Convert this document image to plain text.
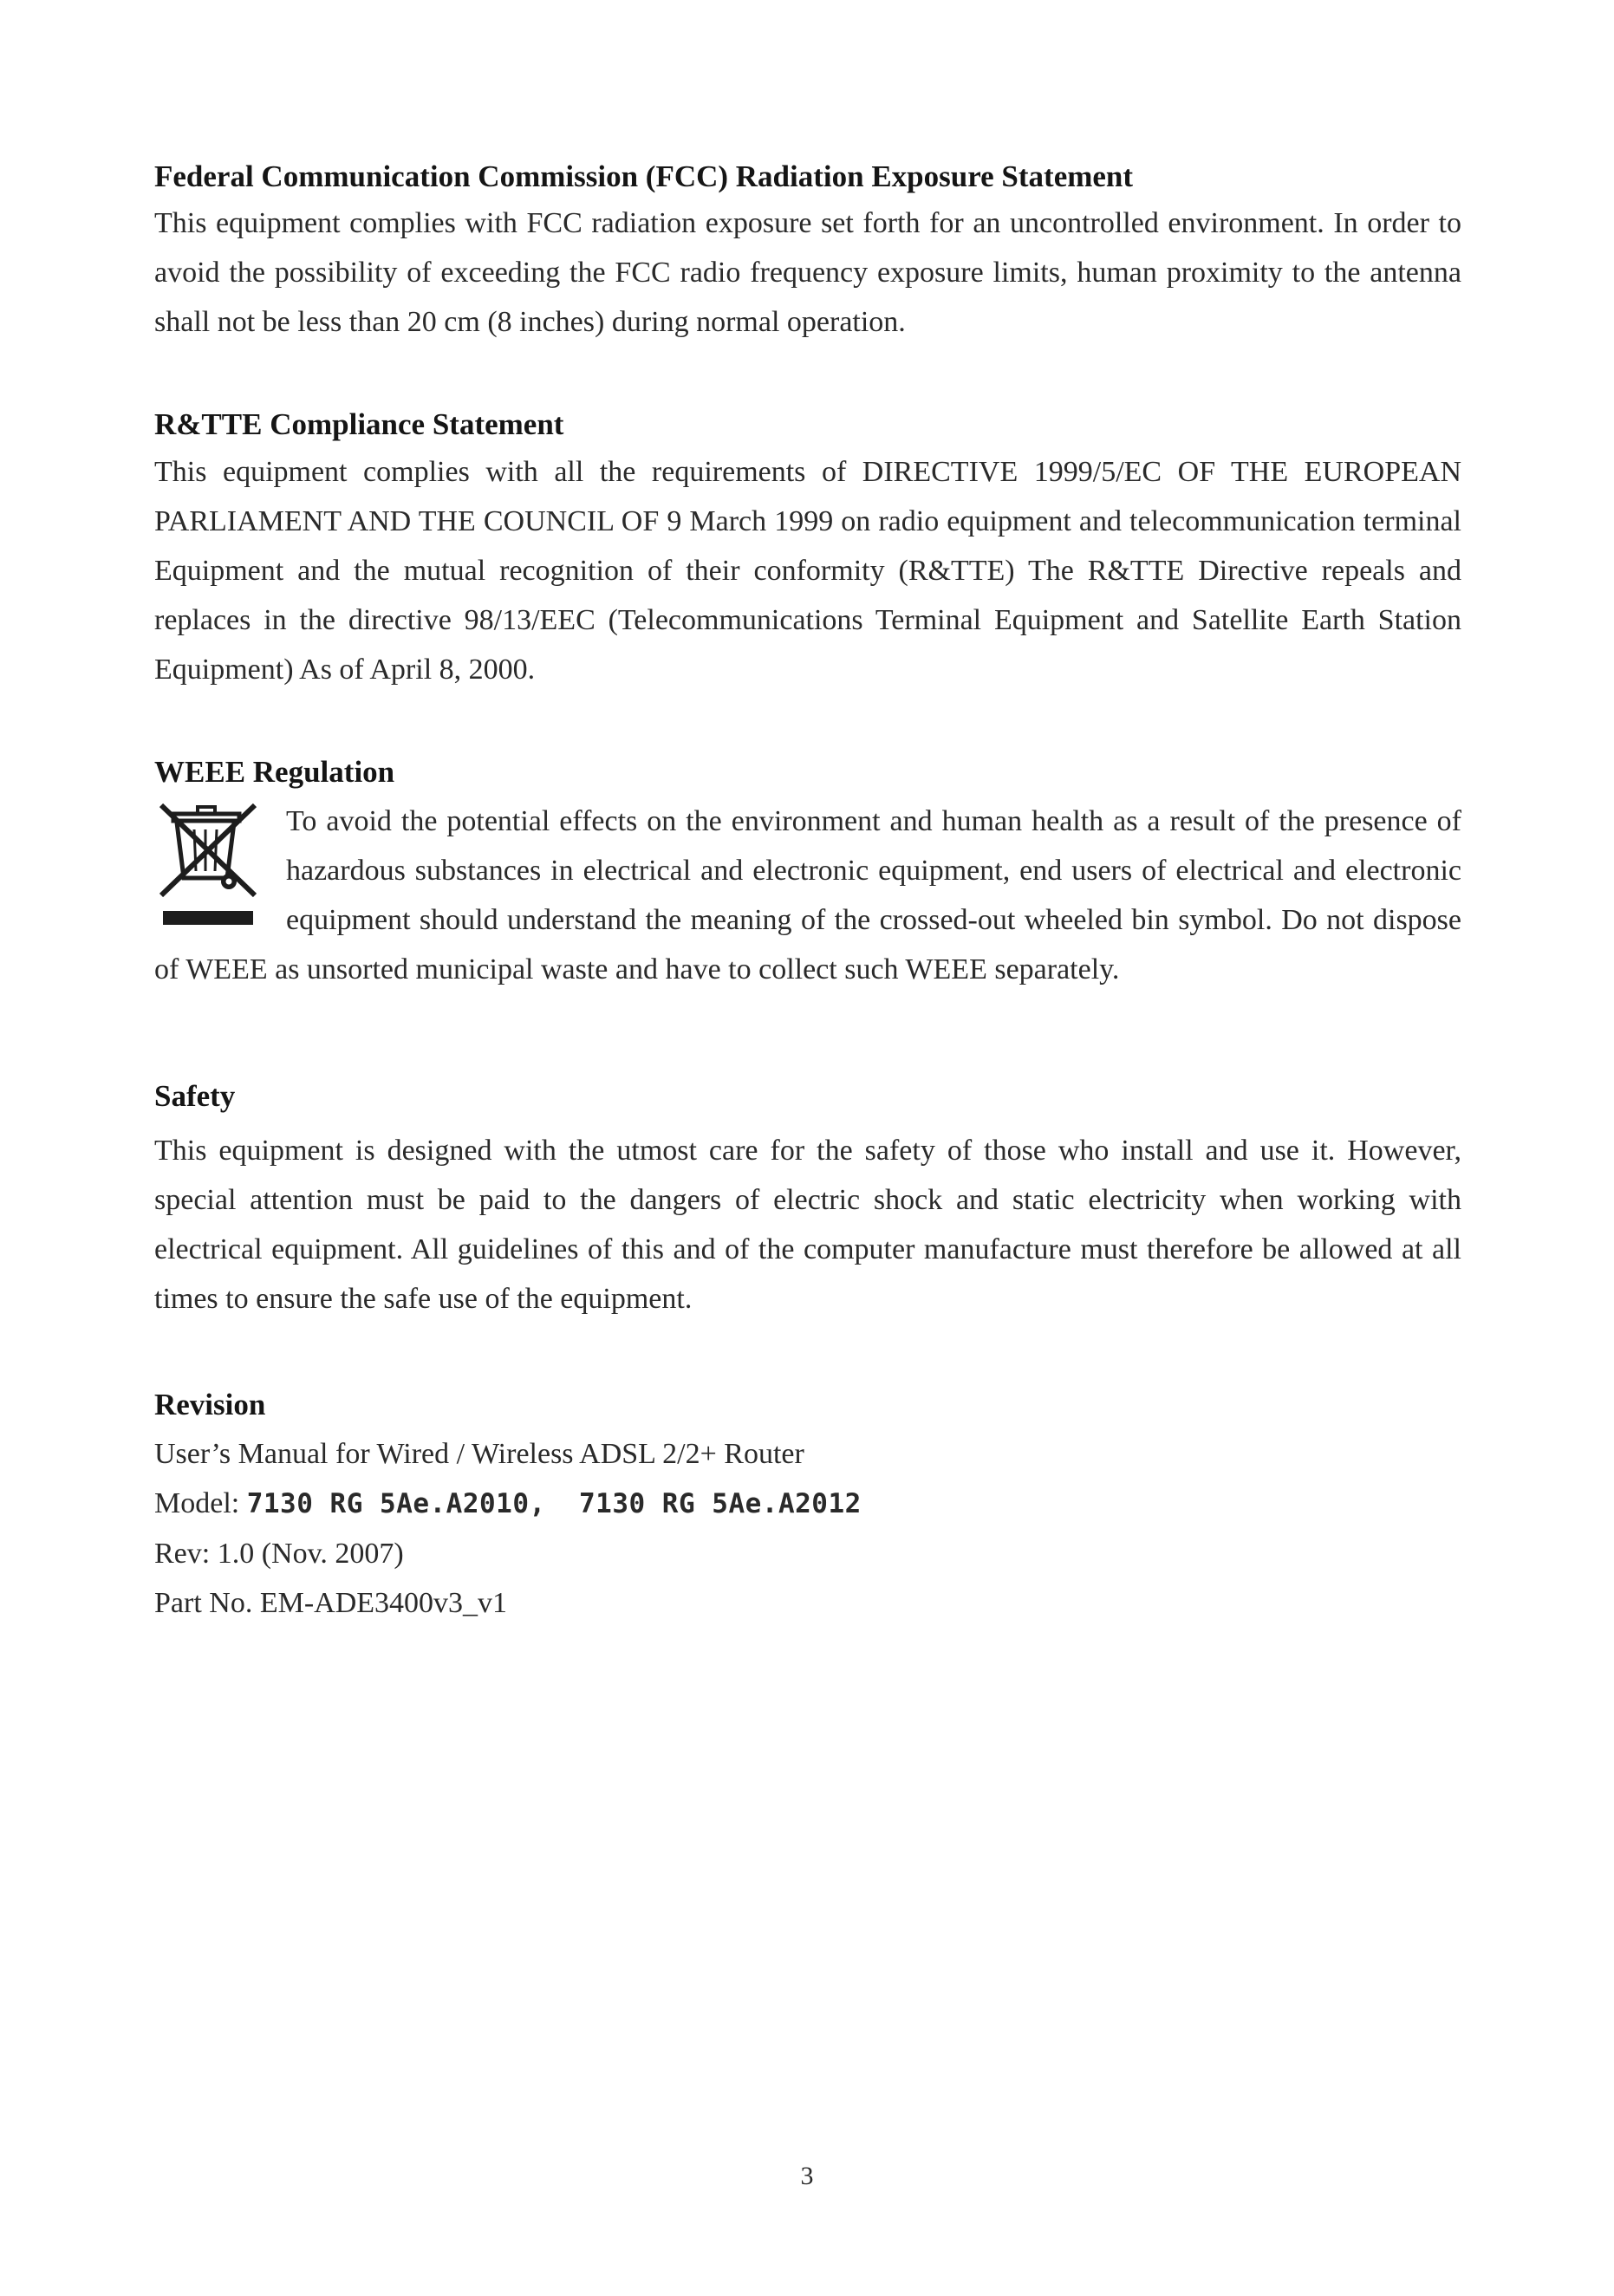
Federal Communication Commission (FCC) Radiation Exposure Statement

This equipment complies with FCC radiation exposure set forth for an uncontrolled environment. In order to avoid the possibility of exceeding the FCC radio frequency exposure limits, human proximity to the antenna shall not be less than 20 cm (8 inches) during normal operation.

R&TTE Compliance Statement

This equipment complies with all the requirements of DIRECTIVE 1999/5/EC OF THE EUROPEAN PARLIAMENT AND THE COUNCIL OF 9 March 1999 on radio equipment and telecommunication terminal Equipment and the mutual recognition of their conformity (R&TTE) The R&TTE Directive repeals and replaces in the directive 98/13/EEC (Telecommunications Terminal Equipment and Satellite Earth Station Equipment) As of April 8, 2000.

WEEE Regulation

To avoid the potential effects on the environment and human health as a result of the presence of hazardous substances in electrical and electronic equipment, end users of electrical and electronic equipment should understand the meaning of the crossed-out wheeled bin symbol. Do not dispose of WEEE as unsorted municipal waste and have to collect such WEEE separately.

Safety

This equipment is designed with the utmost care for the safety of those who install and use it. However, special attention must be paid to the dangers of electric shock and static electricity when working with electrical equipment. All guidelines of this and of the computer manufacture must therefore be allowed at all times to ensure the safe use of the equipment.

Revision

User’s Manual for Wired / Wireless ADSL 2/2+ Router

Model: 7130 RG 5Ae.A2010,  7130 RG 5Ae.A2012

Rev: 1.0 (Nov. 2007)

Part No. EM-ADE3400v3_v1

3
